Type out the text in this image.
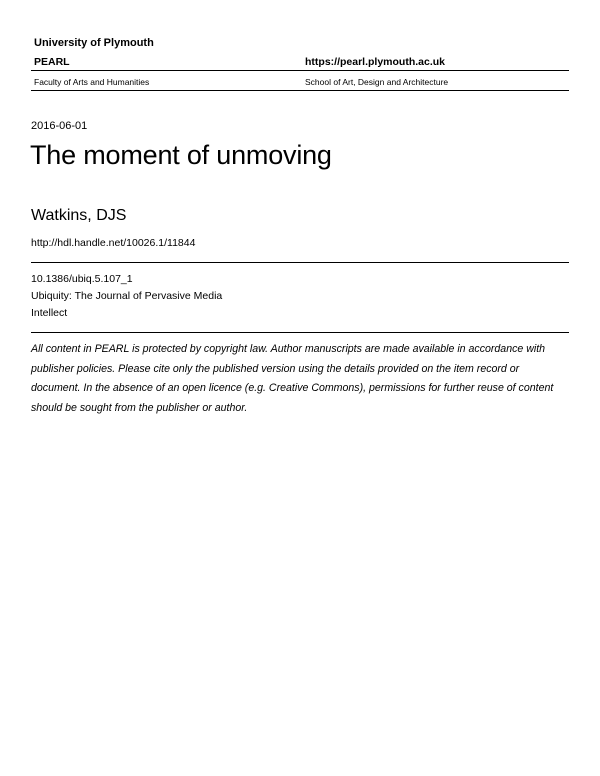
University of Plymouth
PEARL	https://pearl.plymouth.ac.uk
Faculty of Arts and Humanities	School of Art, Design and Architecture
2016-06-01
The moment of unmoving
Watkins, DJS
http://hdl.handle.net/10026.1/11844
10.1386/ubiq.5.107_1
Ubiquity: The Journal of Pervasive Media
Intellect
All content in PEARL is protected by copyright law. Author manuscripts are made available in accordance with
publisher policies. Please cite only the published version using the details provided on the item record or
document. In the absence of an open licence (e.g. Creative Commons), permissions for further reuse of content
should be sought from the publisher or author.
